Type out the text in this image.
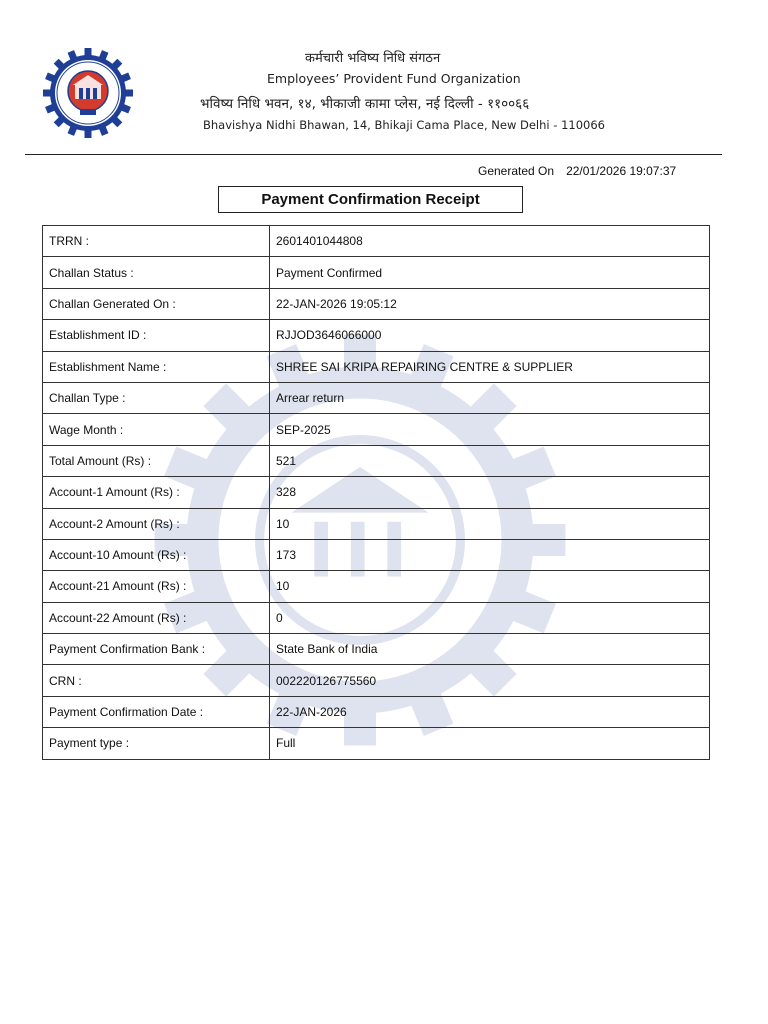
कर्मचारी भविष्य निधि संगठन
Employees’ Provident Fund Organization
भविष्य निधि भवन, १४, भीकाजी कामा प्लेस, नई दिल्ली - ११००६६
Bhavishya Nidhi Bhawan, 14, Bhikaji Cama Place, New Delhi - 110066
Generated On 22/01/2026 19:07:37
Payment Confirmation Receipt
TRRN :	2601401044808
Challan Status :	Payment Confirmed
Challan Generated On :	22-JAN-2026 19:05:12
Establishment ID :	RJJOD3646066000
Establishment Name :	SHREE SAI KRIPA REPAIRING CENTRE & SUPPLIER
Challan Type :	Arrear return
Wage Month :	SEP-2025
Total Amount (Rs) :	521
Account-1 Amount (Rs) :	328
Account-2 Amount (Rs) :	10
Account-10 Amount (Rs) :	173
Account-21 Amount (Rs) :	10
Account-22 Amount (Rs) :	0
Payment Confirmation Bank :	State Bank of India
CRN :	002220126775560
Payment Confirmation Date :	22-JAN-2026
Payment type :	Full
